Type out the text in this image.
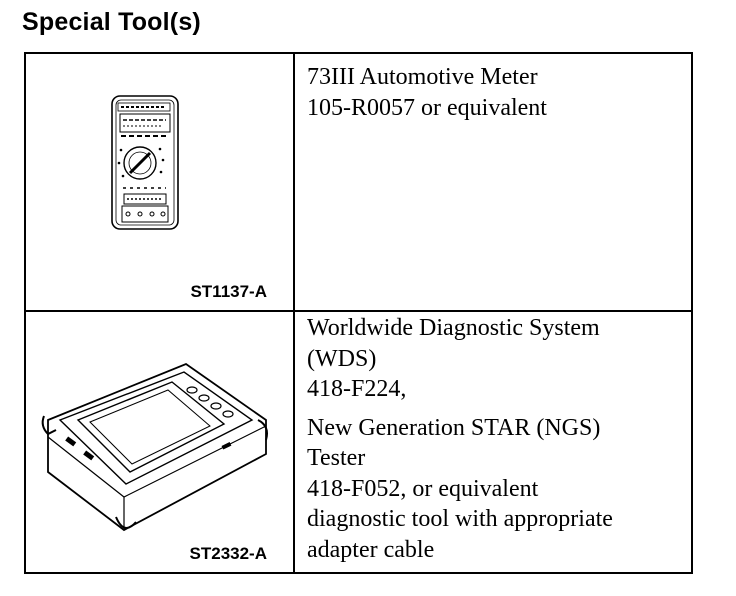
Special Tool(s)
ST1137-A
73III Automotive Meter
105-R0057 or equivalent
ST2332-A
Worldwide Diagnostic System
(WDS)
418-F224,
New Generation STAR (NGS)
Tester
418-F052, or equivalent
diagnostic tool with appropriate
adapter cable
